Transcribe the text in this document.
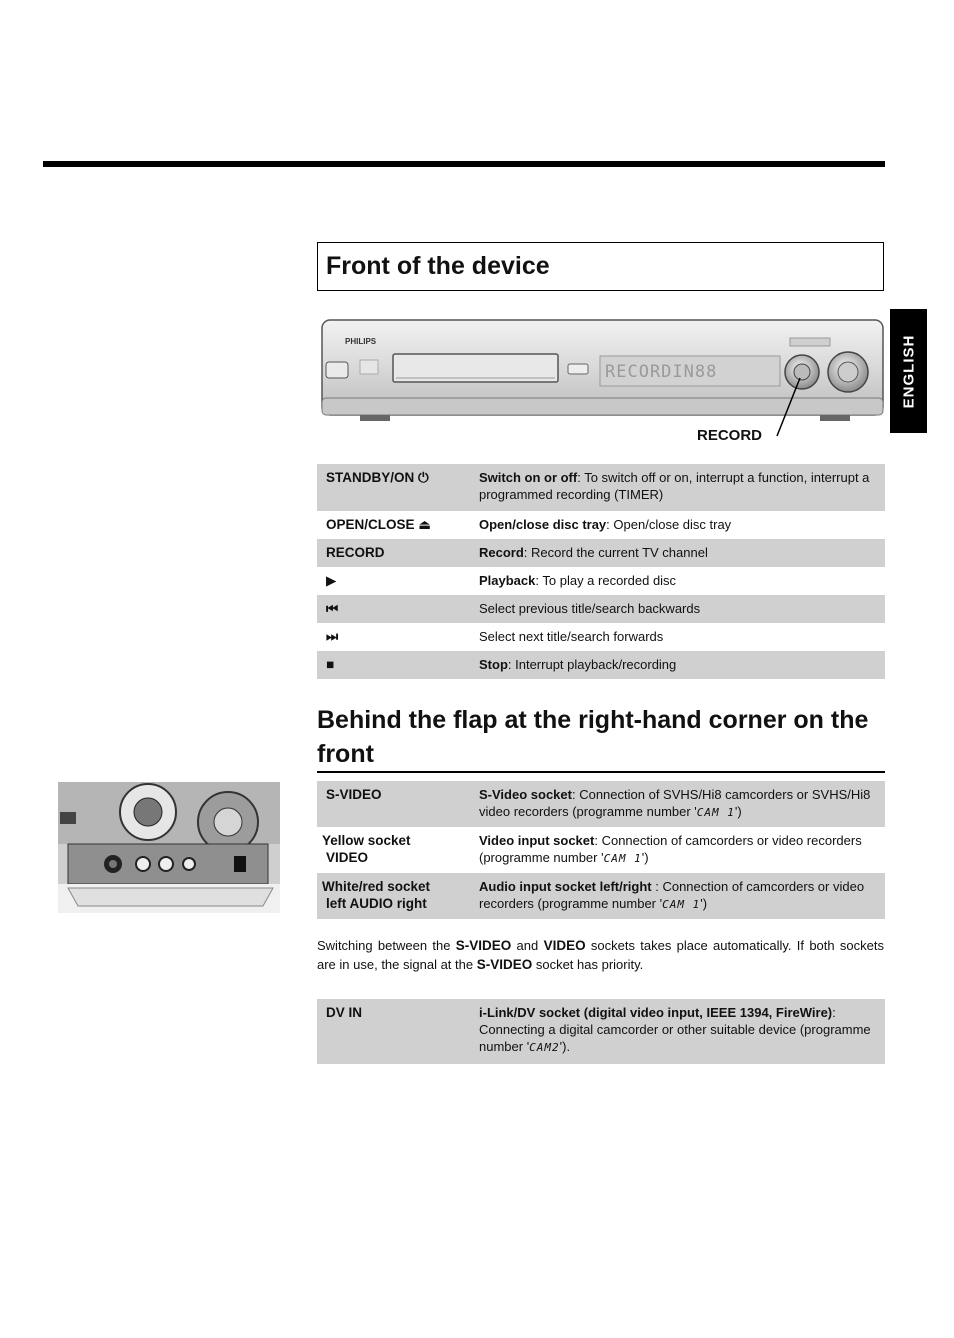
ENGLISH
Front of the device
PHILIPS
RECORDIN88
RECORD
STANDBY/ON ⏻	Switch on or off: To switch off or on, interrupt a function, interrupt a programmed recording (TIMER)
OPEN/CLOSE ⏏	Open/close disc tray: Open/close disc tray
RECORD	Record: Record the current TV channel
▶	Playback: To play a recorded disc
⏮	Select previous title/search backwards
⏭	Select next title/search forwards
■	Stop: Interrupt playback/recording
Behind the flap at the right-hand corner on the front
S-VIDEO	S-Video socket: Connection of SVHS/Hi8 camcorders or SVHS/Hi8 video recorders (programme number 'CAM 1')

Yellow socket
VIDEO	Video input socket: Connection of camcorders or video recorders (programme number 'CAM 1')

White/red socket
left AUDIO right	Audio input socket left/right : Connection of camcorders or video recorders (programme number 'CAM 1')

Switching between the S-VIDEO and VIDEO sockets takes place automatically. If both sockets are in use, the signal at the S-VIDEO socket has priority.

DV IN	i-Link/DV socket (digital video input, IEEE 1394, FireWire): Connecting a digital camcorder or other suitable device (programme number 'CAM2').
